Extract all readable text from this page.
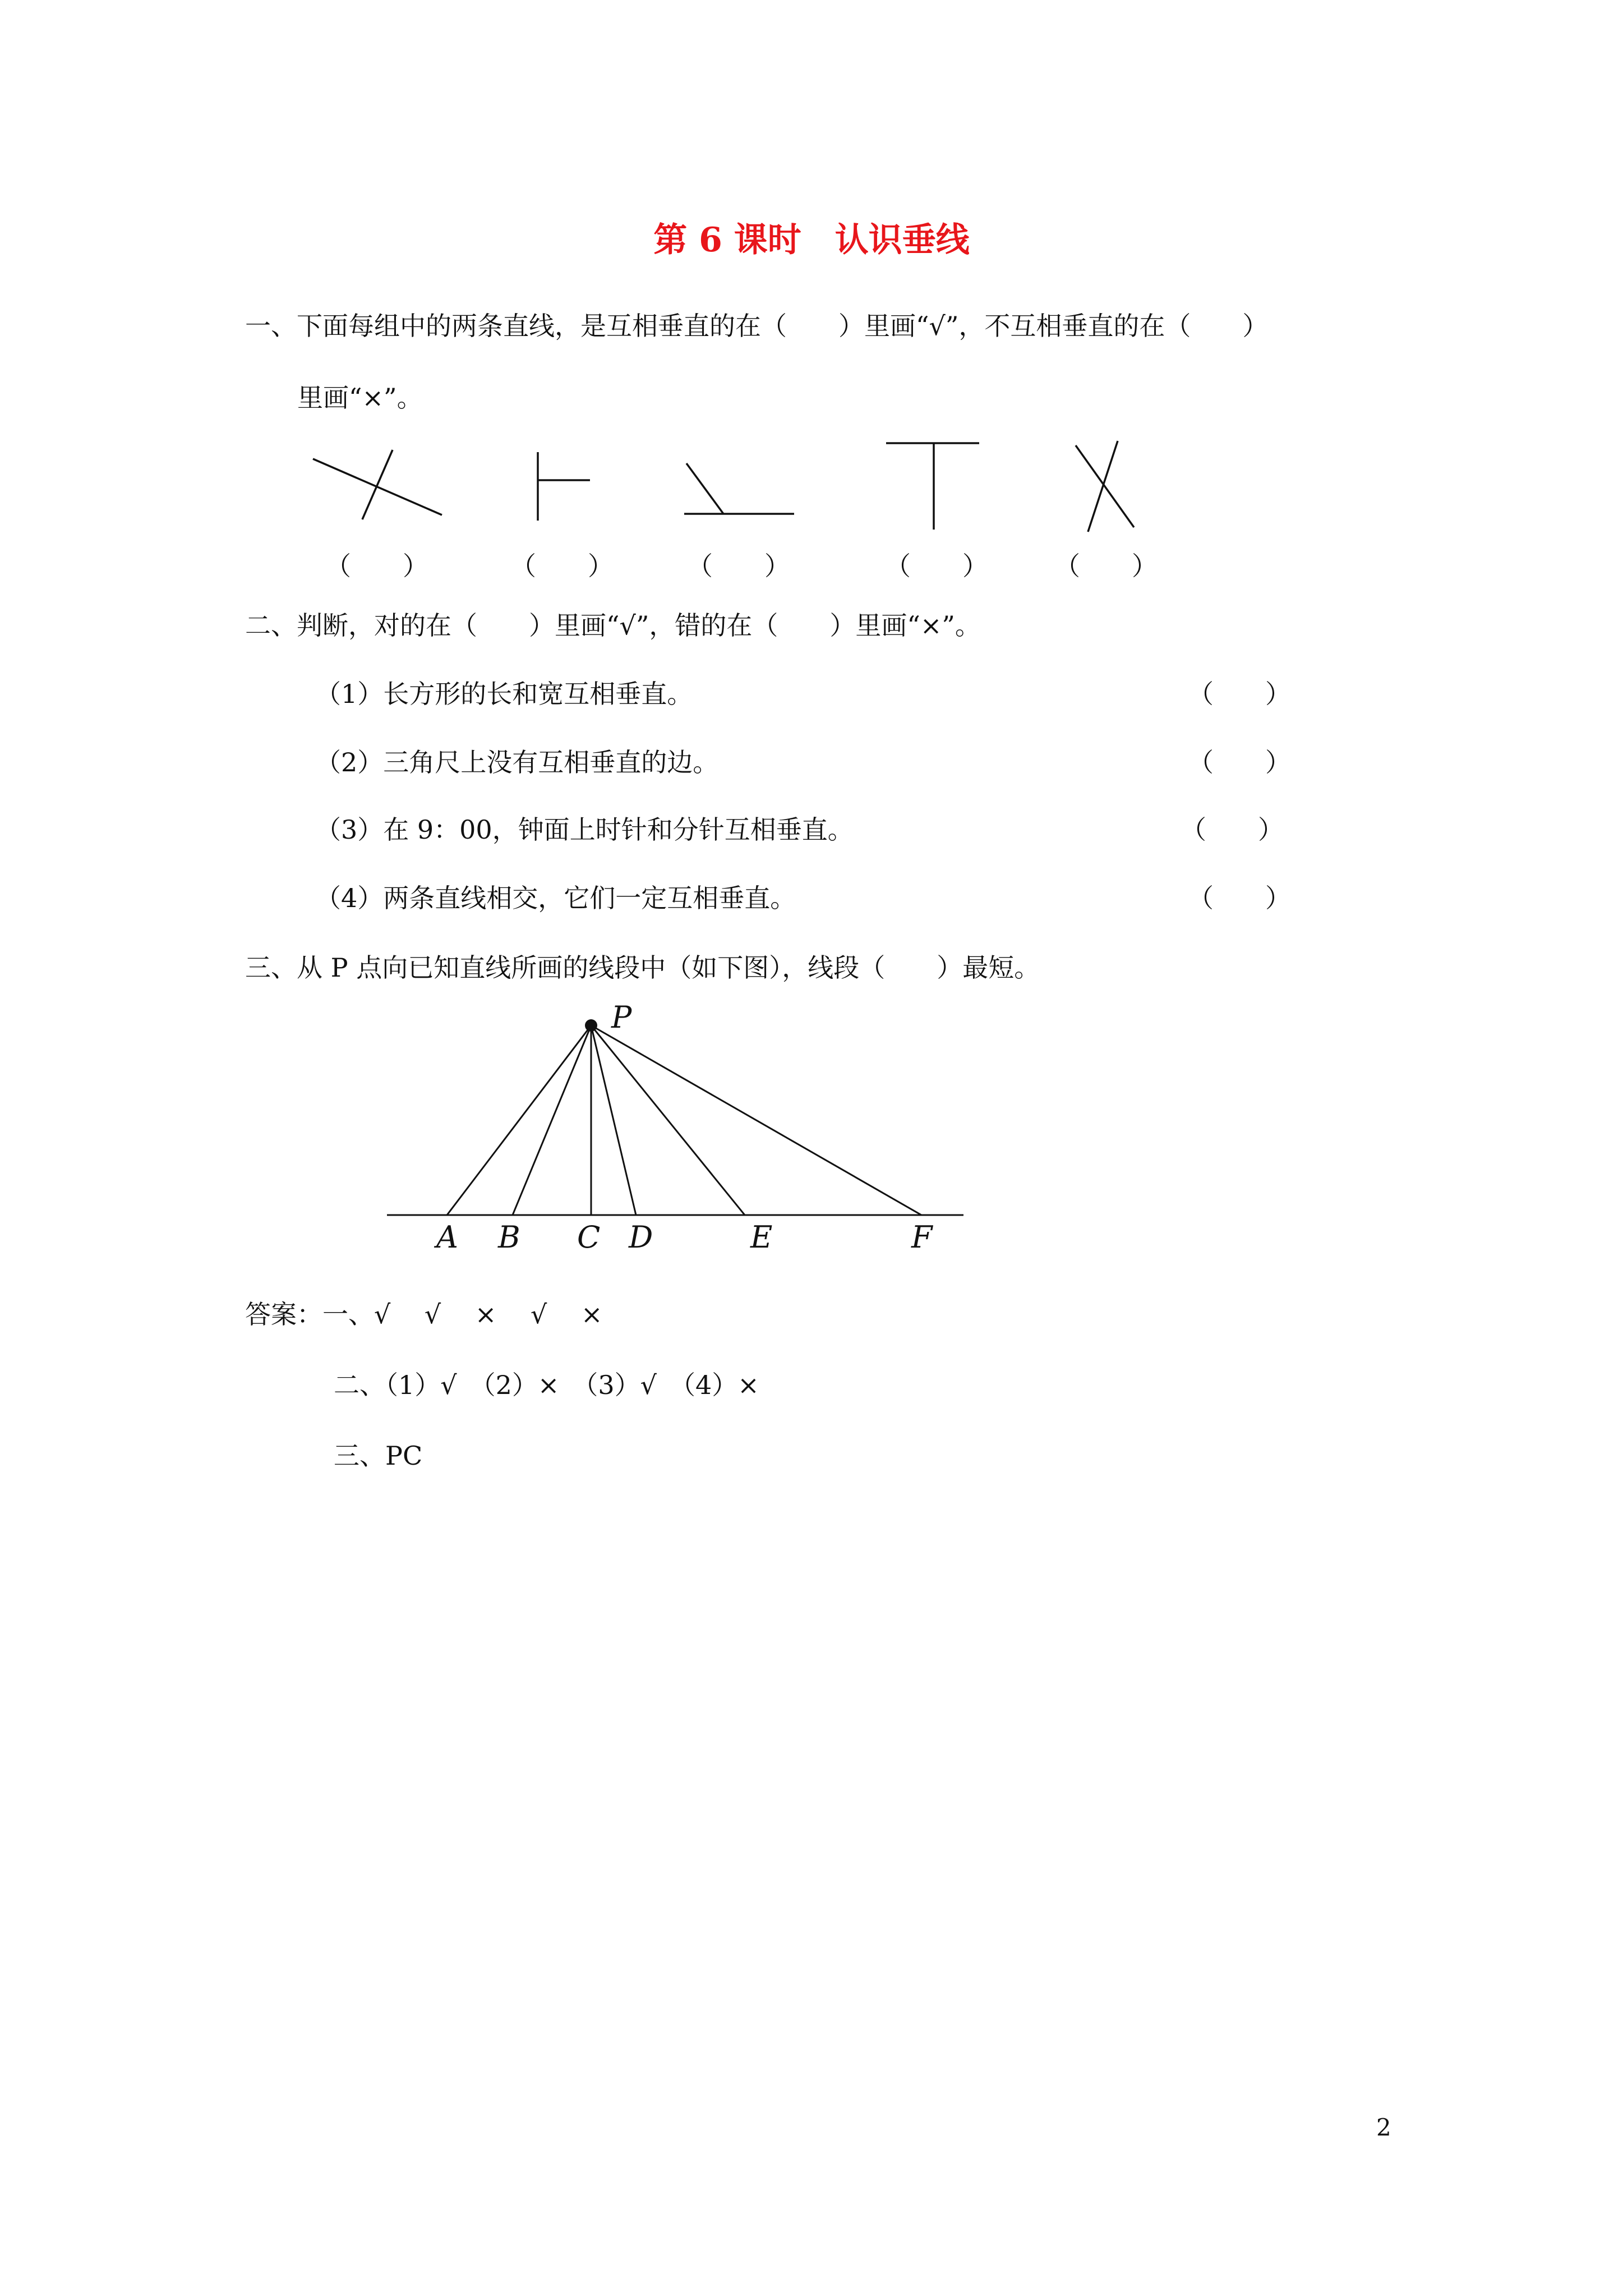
第 6 课时　认识垂线
一、下面每组中的两条直线，是互相垂直的在（　　）里画“√”，不互相垂直的在（　　）
里画“×”。
（　　）	（　　）	（　　）	（　　）	（　　）
二、判断，对的在（　　）里画“√”，错的在（　　）里画“×”。
（1）长方形的长和宽互相垂直。	（　　）
（2）三角尺上没有互相垂直的边。	（　　）
（3）在 9：00，钟面上时针和分针互相垂直。	（　　）
（4）两条直线相交，它们一定互相垂直。	（　　）
三、从 P 点向已知直线所画的线段中（如下图），线段（　　）最短。
P
A B C D	E	F
答案：一、√　 √　 ×　 √　 ×
二、（1）√　（2）×　（3）√　（4）×
三、PC
2
